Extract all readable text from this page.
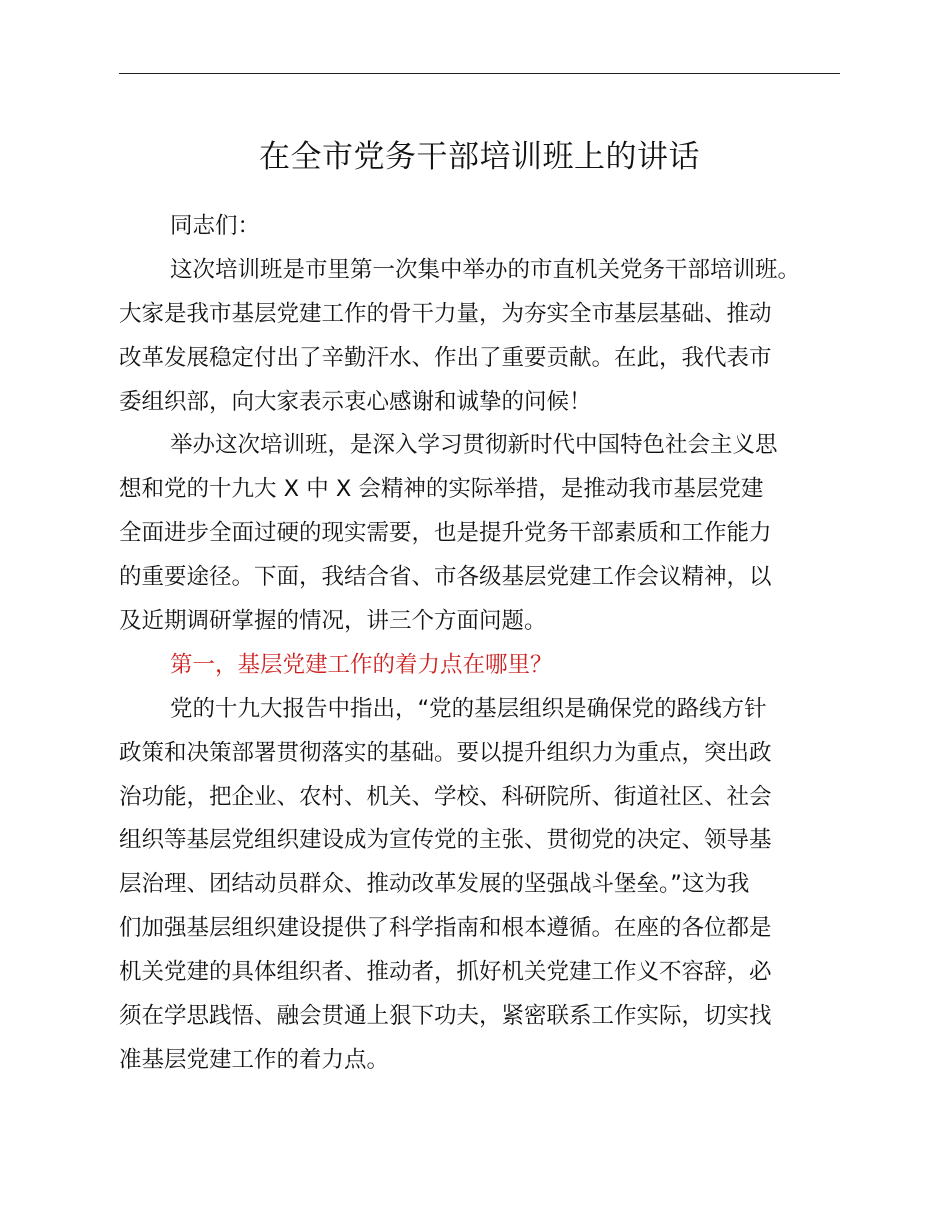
在全市党务干部培训班上的讲话
同志们：
这次培训班是市里第一次集中举办的市直机关党务干部培训班。
大家是我市基层党建工作的骨干力量，为夯实全市基层基础、推动
改革发展稳定付出了辛勤汗水、作出了重要贡献。在此，我代表市
委组织部，向大家表示衷心感谢和诚挚的问候！
举办这次培训班，是深入学习贯彻新时代中国特色社会主义思
想和党的十九大 X 中 X 会精神的实际举措，是推动我市基层党建
全面进步全面过硬的现实需要，也是提升党务干部素质和工作能力
的重要途径。下面，我结合省、市各级基层党建工作会议精神，以
及近期调研掌握的情况，讲三个方面问题。
第一，基层党建工作的着力点在哪里？
党的十九大报告中指出，“党的基层组织是确保党的路线方针
政策和决策部署贯彻落实的基础。要以提升组织力为重点，突出政
治功能，把企业、农村、机关、学校、科研院所、街道社区、社会
组织等基层党组织建设成为宣传党的主张、贯彻党的决定、领导基
层治理、团结动员群众、推动改革发展的坚强战斗堡垒。”这为我
们加强基层组织建设提供了科学指南和根本遵循。在座的各位都是
机关党建的具体组织者、推动者，抓好机关党建工作义不容辞，必
须在学思践悟、融会贯通上狠下功夫，紧密联系工作实际，切实找
准基层党建工作的着力点。
